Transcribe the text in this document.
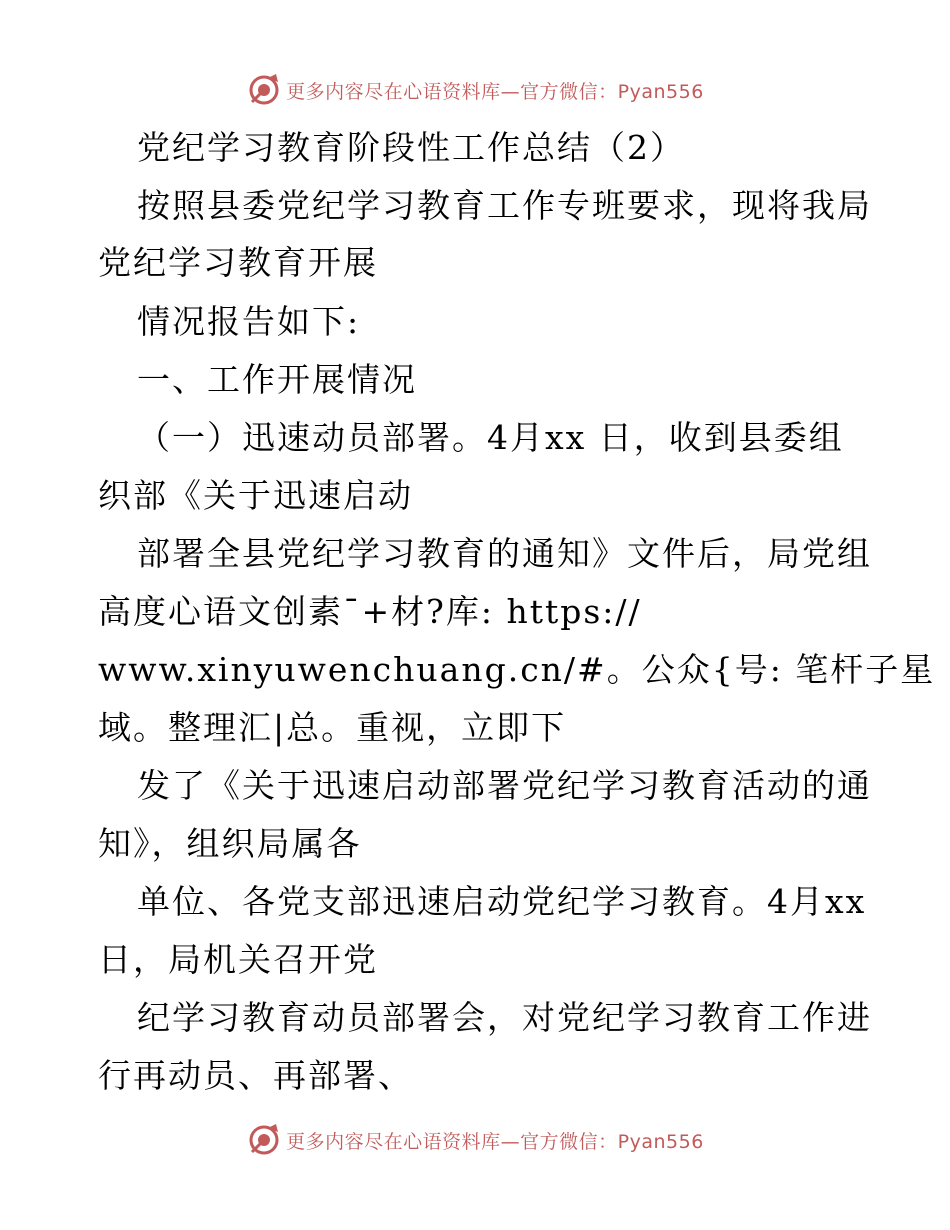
更多内容尽在心语资料库—官方微信：Pyan556
党纪学习教育阶段性工作总结（2）
按照县委党纪学习教育工作专班要求，现将我局
党纪学习教育开展
情况报告如下:
一、工作开展情况
（一）迅速动员部署。4月xx 日，收到县委组
织部《关于迅速启动
部署全县党纪学习教育的通知》文件后，局党组
高度心语文创素¯+材?库: https://
www.xinyuwenchuang.cn/#。公众{号: 笔杆子星
域。整理汇|总。重视，立即下
发了《关于迅速启动部署党纪学习教育活动的通
知》，组织局属各
单位、各党支部迅速启动党纪学习教育。4月xx
日，局机关召开党
纪学习教育动员部署会，对党纪学习教育工作进
行再动员、再部署、
更多内容尽在心语资料库—官方微信：Pyan556
